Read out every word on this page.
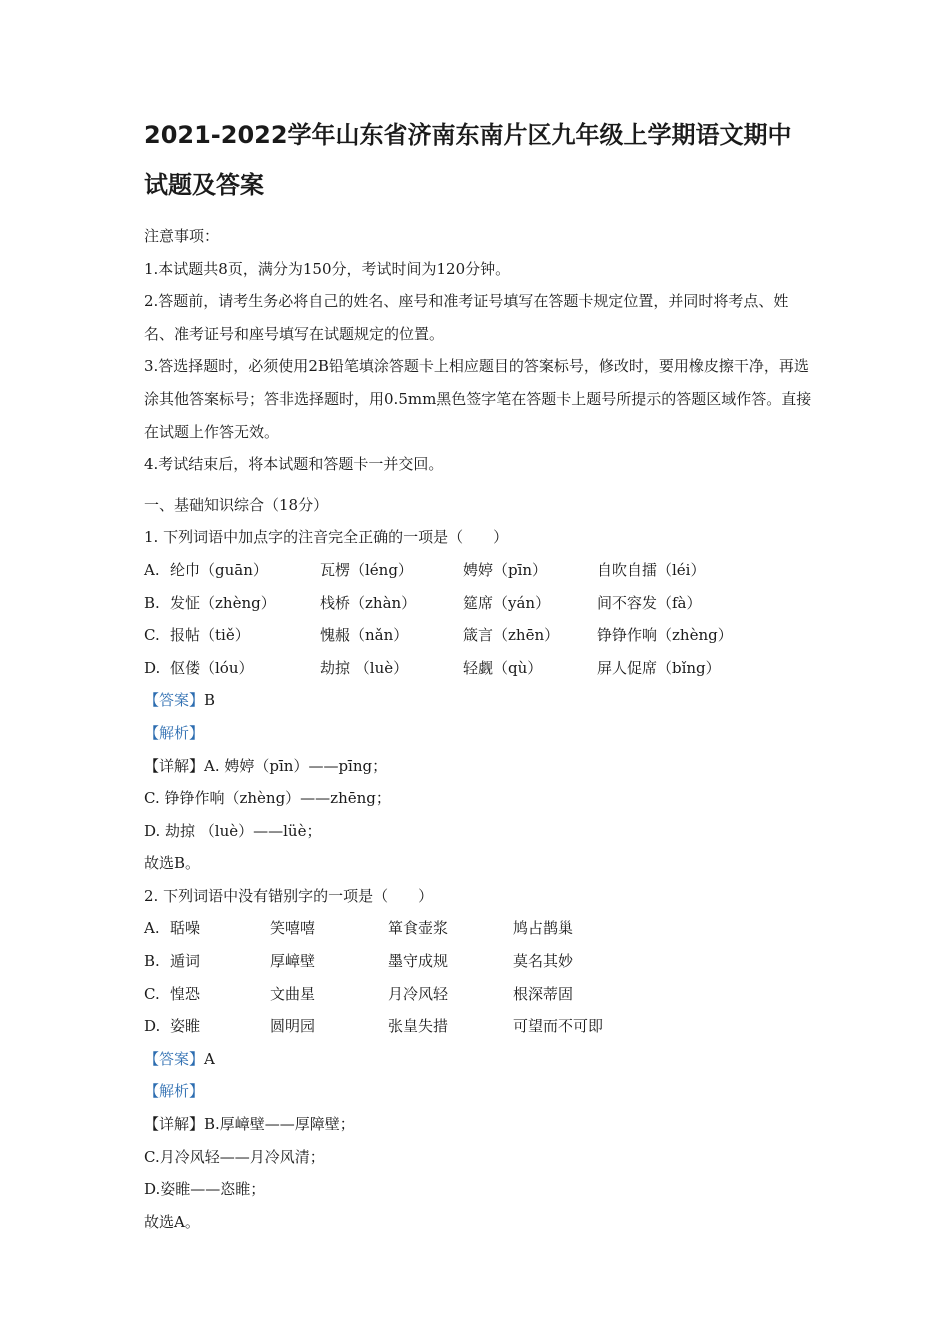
2021-2022学年山东省济南东南片区九年级上学期语文期中
试题及答案
注意事项：
1.本试题共8页，满分为150分，考试时间为120分钟。
2.答题前，请考生务必将自己的姓名、座号和准考证号填写在答题卡规定位置，并同时将考点、姓名、准考证号和座号填写在试题规定的位置。
3.答选择题时，必须使用2B铅笔填涂答题卡上相应题目的答案标号，修改时，要用橡皮擦干净，再选涂其他答案标号；答非选择题时，用0.5mm黑色签字笔在答题卡上题号所提示的答题区域作答。直接在试题上作答无效。
4.考试结束后，将本试题和答题卡一并交回。
一、基础知识综合（18分）
1. 下列词语中加点字的注音完全正确的一项是（　　）
A. 纶巾（guān）	瓦楞（léng）	娉婷（pīn）	自吹自擂（léi）
B. 发怔（zhèng）	栈桥（zhàn）	筵席（yán）	间不容发（fà）
C. 报帖（tiě）	愧赧（nǎn）	箴言（zhēn）	铮铮作响（zhèng）
D. 伛偻（lóu）	劫掠 （luè）	轻觑（qù）	屏人促席（bǐng）
【答案】B
【解析】
【详解】A. 娉婷（pīn）——pīng；
C. 铮铮作响（zhèng）——zhēng；
D. 劫掠 （luè）——lüè；
故选B。
2. 下列词语中没有错别字的一项是（　　）
A. 聒噪	笑嘻嘻	箪食壶浆	鸠占鹊巢
B. 遁词	厚嶂壁	墨守成规	莫名其妙
C. 惶恐	文曲星	月冷风轻	根深蒂固
D. 姿睢	圆明园	张皇失措	可望而不可即
【答案】A
【解析】
【详解】B.厚嶂壁——厚障壁；
C.月冷风轻——月冷风清；
D.姿睢——恣睢；
故选A。
